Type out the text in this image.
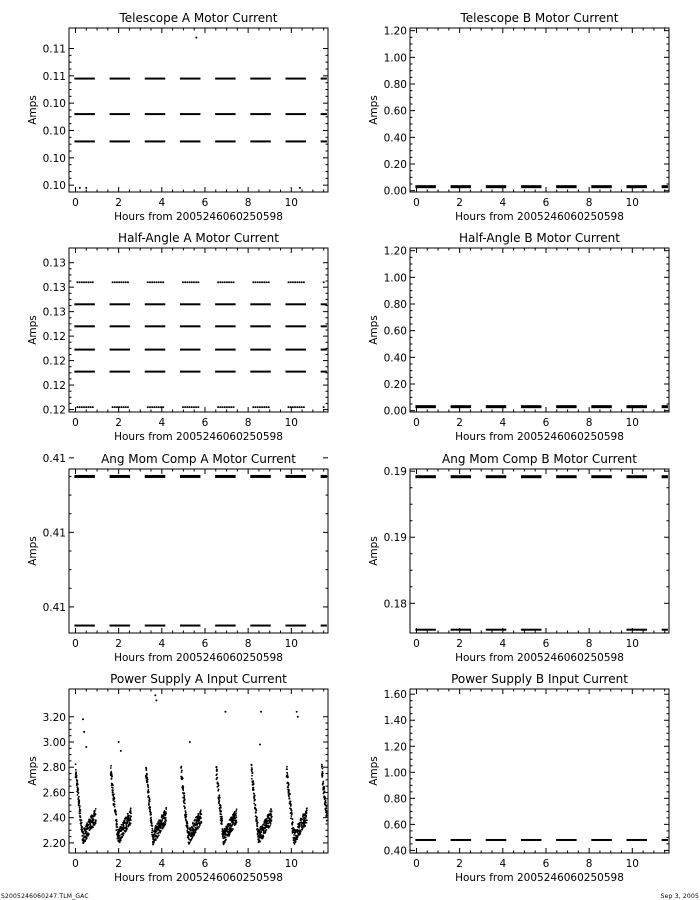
Telescope A Motor Current
Hours from 2005246060250598
Amps
0	2	4	6	8	10
0.10
0.10
0.10
0.10
0.11
0.11
Telescope B Motor Current
Hours from 2005246060250598
Amps
0	2	4	6	8	10
0.00
0.20
0.40
0.60
0.80
1.00
1.20
Half-Angle A Motor Current
Hours from 2005246060250598
Amps
0	2	4	6	8	10
0.12
0.12
0.12
0.12
0.13
0.13
0.13
Half-Angle B Motor Current
Hours from 2005246060250598
Amps
0	2	4	6	8	10
0.00
0.20
0.40
0.60
0.80
1.00
1.20
Ang Mom Comp A Motor Current
Hours from 2005246060250598
Amps
0	2	4	6	8	10
0.41
0.41
0.41	Ang Mom Comp B Motor Current
Hours from 2005246060250598
Amps
0	2	4	6	8	10
0.18
0.19
0.19
Power Supply A Input Current
Hours from 2005246060250598
Amps
0	2	4	6	8	10
2.20
2.40
2.60
2.80
3.00
3.20
Power Supply B Input Current
Hours from 2005246060250598
Amps
0	2	4	6	8	10
0.40
0.60
0.80
1.00
1.20
1.40
1.60
S2005246060247.TLM_GAC	Sep 3, 2005
